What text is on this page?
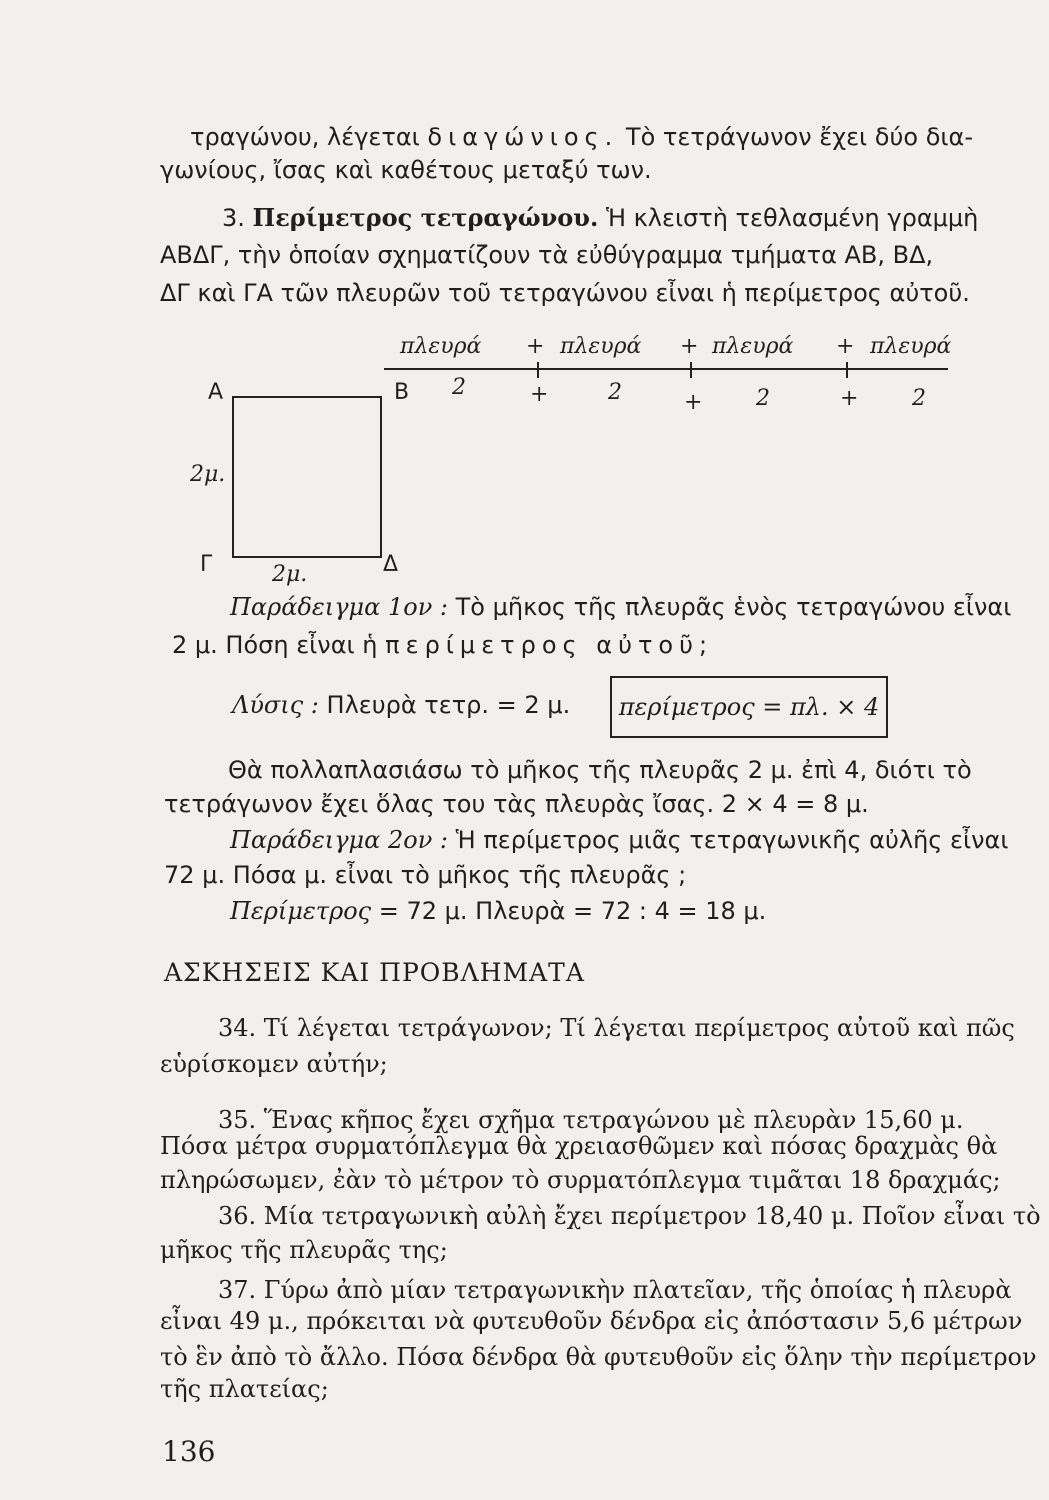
τραγώνου, λέγεται διαγώνιος. Τὸ τετράγωνον ἔχει δύο δια-
γωνίους, ἴσας καὶ καθέτους μεταξύ των.
3. Περίμετρος τετραγώνου. Ἡ κλειστὴ τεθλασμένη γραμμὴ
ΑΒΔΓ, τὴν ὁποίαν σχηματίζουν τὰ εὐθύγραμμα τμήματα ΑΒ, ΒΔ,
ΔΓ καὶ ΓΑ τῶν πλευρῶν τοῦ τετραγώνου εἶναι ἡ περίμετρος αὐτοῦ.
Α	Β
Γ	Δ
2μ.
2μ.
πλευρά + πλευρά + πλευρά + πλευρά
2	+	2	+ 2	+ 2
Παράδειγμα 1ον : Τὸ μῆκος τῆς πλευρᾶς ἑνὸς τετραγώνου εἶναι
2 μ. Πόση εἶναι ἡ περίμετρος αὐτοῦ;
Λύσις : Πλευρὰ τετρ. = 2 μ.	περίμετρος = πλ. × 4
Θὰ πολλαπλασιάσω τὸ μῆκος τῆς πλευρᾶς 2 μ. ἐπὶ 4, διότι τὸ
τετράγωνον ἔχει ὅλας του τὰς πλευρὰς ἴσας. 2 × 4 = 8 μ.
Παράδειγμα 2ον : Ἡ περίμετρος μιᾶς τετραγωνικῆς αὐλῆς εἶναι
72 μ. Πόσα μ. εἶναι τὸ μῆκος τῆς πλευρᾶς ;
Περίμετρος = 72 μ. Πλευρὰ = 72 : 4 = 18 μ.
ΑΣΚΗΣΕΙΣ ΚΑΙ ΠΡΟΒΛΗΜΑΤΑ
34. Τί λέγεται τετράγωνον; Τί λέγεται περίμετρος αὐτοῦ καὶ πῶς
εὑρίσκομεν αὐτήν;
35. Ἕνας κῆπος ἔχει σχῆμα τετραγώνου μὲ πλευρὰν 15,60 μ.
Πόσα μέτρα συρματόπλεγμα θὰ χρειασθῶμεν καὶ πόσας δραχμὰς θὰ
πληρώσωμεν, ἐὰν τὸ μέτρον τὸ συρματόπλεγμα τιμᾶται 18 δραχμάς;
36. Μία τετραγωνικὴ αὐλὴ ἔχει περίμετρον 18,40 μ. Ποῖον εἶναι τὸ
μῆκος τῆς πλευρᾶς της;
37. Γύρω ἀπὸ μίαν τετραγωνικὴν πλατεῖαν, τῆς ὁποίας ἡ πλευρὰ
εἶναι 49 μ., πρόκειται νὰ φυτευθοῦν δένδρα εἰς ἀπόστασιν 5,6 μέτρων
τὸ ἓν ἀπὸ τὸ ἄλλο. Πόσα δένδρα θὰ φυτευθοῦν εἰς ὅλην τὴν περίμετρον
τῆς πλατείας;
136
